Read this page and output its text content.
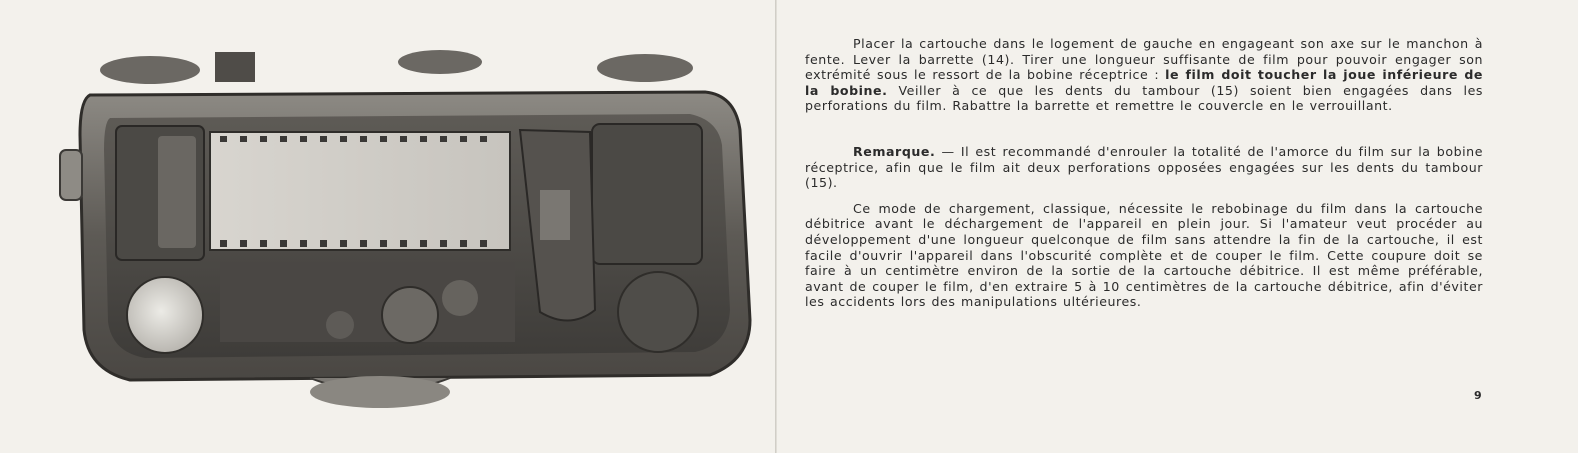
Placer la cartouche dans le logement de gauche en engageant son axe sur le manchon à fente. Lever la barrette (14). Tirer une longueur suffisante de film pour pouvoir engager son extrémité sous le ressort de la bobine réceptrice : le film doit toucher la joue inférieure de la bobine. Veiller à ce que les dents du tambour (15) soient bien engagées dans les perforations du film. Rabattre la barrette et remettre le couvercle en le verrouillant.

Remarque. — Il est recommandé d'enrouler la totalité de l'amorce du film sur la bobine réceptrice, afin que le film ait deux perforations opposées engagées sur les dents du tambour (15).

Ce mode de chargement, classique, nécessite le rebobinage du film dans la cartouche débitrice avant le déchargement de l'appareil en plein jour. Si l'amateur veut procéder au développement d'une longueur quelconque de film sans attendre la fin de la cartouche, il est facile d'ouvrir l'appareil dans l'obscurité complète et de couper le film. Cette coupure doit se faire à un centimètre environ de la sortie de la cartouche débitrice. Il est même préférable, avant de couper le film, d'en extraire 5 à 10 centimètres de la cartouche débitrice, afin d'éviter les accidents lors des manipulations ultérieures.

9
